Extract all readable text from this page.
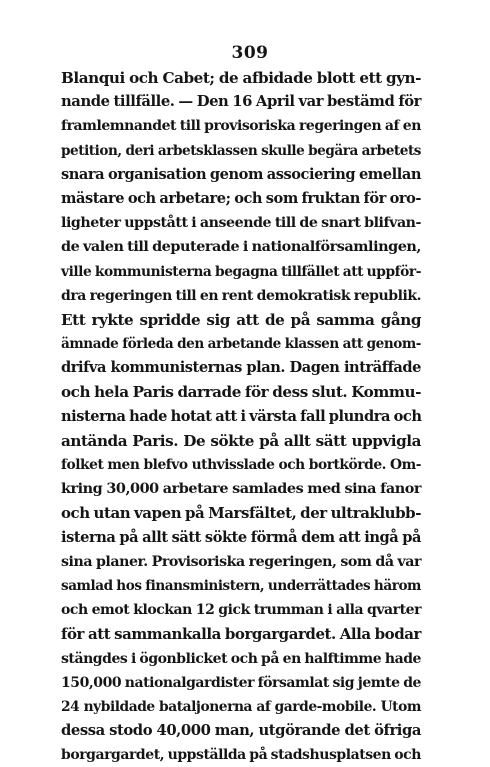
309
Blanqui och Cabet; de afbidade blott ett gyn-
nande tillfälle. — Den 16 April var bestämd för
framlemnandet till provisoriska regeringen af en
petition, deri arbetsklassen skulle begära arbetets
snara organisation genom associering emellan
mästare och arbetare; och som fruktan för oro-
ligheter uppstått i anseende till de snart blifvan-
de valen till deputerade i nationalförsamlingen,
ville kommunisterna begagna tillfället att uppför-
dra regeringen till en rent demokratisk republik.
Ett rykte spridde sig att de på samma gång
ämnade förleda den arbetande klassen att genom-
drifva kommunisternas plan. Dagen inträffade
och hela Paris darrade för dess slut. Kommu-
nisterna hade hotat att i värsta fall plundra och
antända Paris. De sökte på allt sätt uppvigla
folket men blefvo uthvisslade och bortkörde. Om-
kring 30,000 arbetare samlades med sina fanor
och utan vapen på Marsfältet, der ultraklubb-
isterna på allt sätt sökte förmå dem att ingå på
sina planer. Provisoriska regeringen, som då var
samlad hos finansministern, underrättades härom
och emot klockan 12 gick trumman i alla qvarter
för att sammankalla borgargardet. Alla bodar
stängdes i ögonblicket och på en halftimme hade
150,000 nationalgardister församlat sig jemte de
24 nybildade bataljonerna af garde-mobile. Utom
dessa stodo 40,000 man, utgörande det öfriga
borgargardet, uppställda på stadshusplatsen och
